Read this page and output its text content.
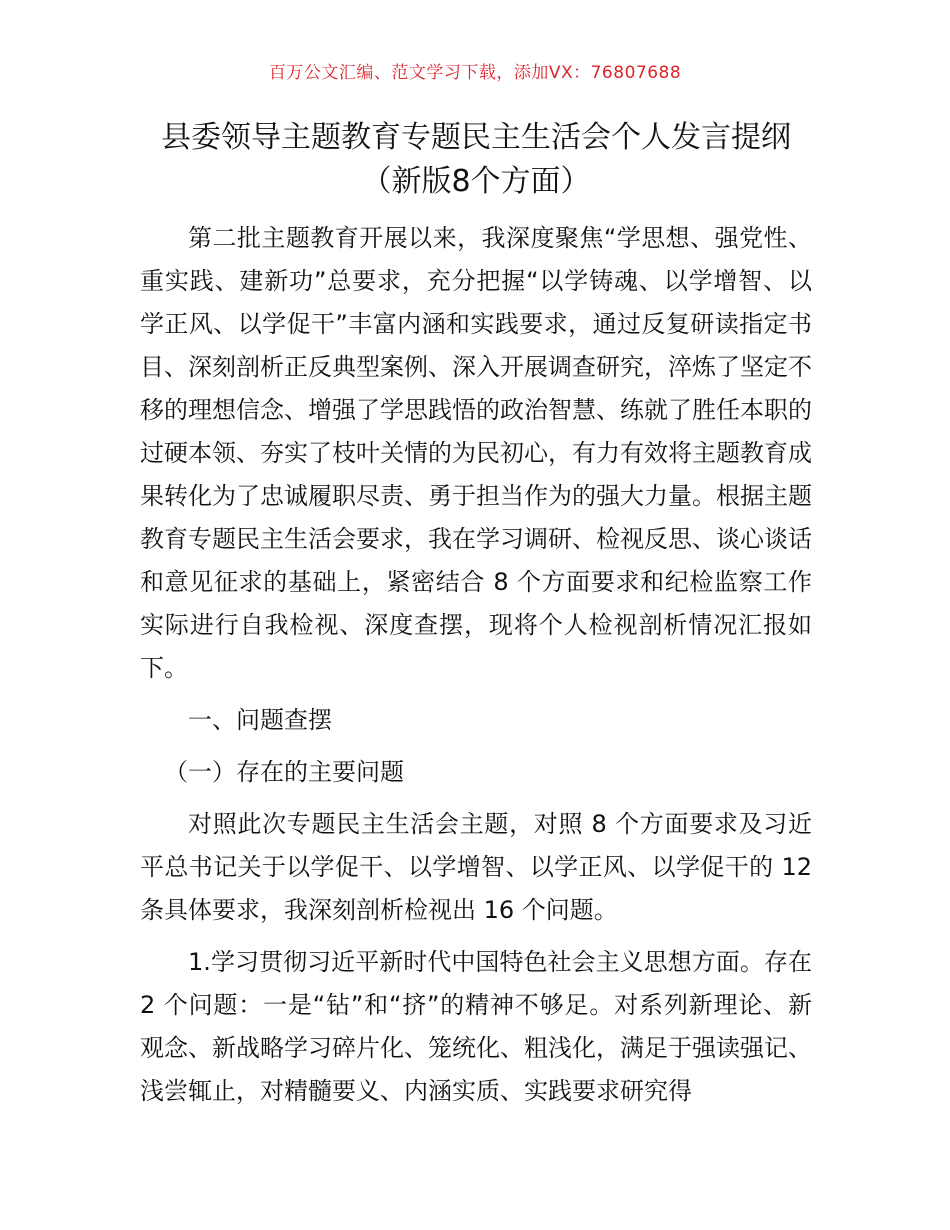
百万公文汇编、范文学习下载，添加VX：76807688
县委领导主题教育专题民主生活会个人发言提纲（新版8个方面）

第二批主题教育开展以来，我深度聚焦“学思想、强党性、重实践、建新功”总要求，充分把握“以学铸魂、以学增智、以学正风、以学促干”丰富内涵和实践要求，通过反复研读指定书目、深刻剖析正反典型案例、深入开展调查研究，淬炼了坚定不移的理想信念、增强了学思践悟的政治智慧、练就了胜任本职的过硬本领、夯实了枝叶关情的为民初心，有力有效将主题教育成果转化为了忠诚履职尽责、勇于担当作为的强大力量。根据主题教育专题民主生活会要求，我在学习调研、检视反思、谈心谈话和意见征求的基础上，紧密结合 8 个方面要求和纪检监察工作实际进行自我检视、深度查摆，现将个人检视剖析情况汇报如下。

一、问题查摆

（一）存在的主要问题

对照此次专题民主生活会主题，对照 8 个方面要求及习近平总书记关于以学促干、以学增智、以学正风、以学促干的 12 条具体要求，我深刻剖析检视出 16 个问题。

1.学习贯彻习近平新时代中国特色社会主义思想方面。存在 2 个问题：一是“钻”和“挤”的精神不够足。对系列新理论、新观念、新战略学习碎片化、笼统化、粗浅化，满足于强读强记、浅尝辄止，对精髓要义、内涵实质、实践要求研究得
